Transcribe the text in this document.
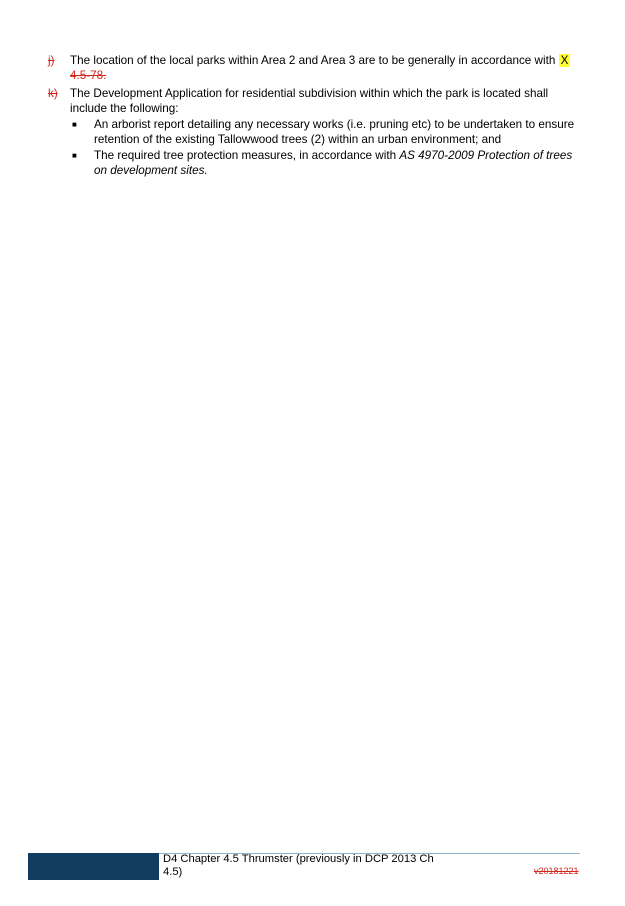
j) The location of the local parks within Area 2 and Area 3 are to be generally in accordance with X
4.5-78.
k) The Development Application for residential subdivision within which the park is located shall
include the following:
■ An arborist report detailing any necessary works (i.e. pruning etc) to be undertaken to ensure
retention of the existing Tallowwood trees (2) within an urban environment; and
■ The required tree protection measures, in accordance with AS 4970-2009 Protection of trees
on development sites.
D4 Chapter 4.5 Thrumster (previously in DCP 2013 Ch
4.5)	v20181221
